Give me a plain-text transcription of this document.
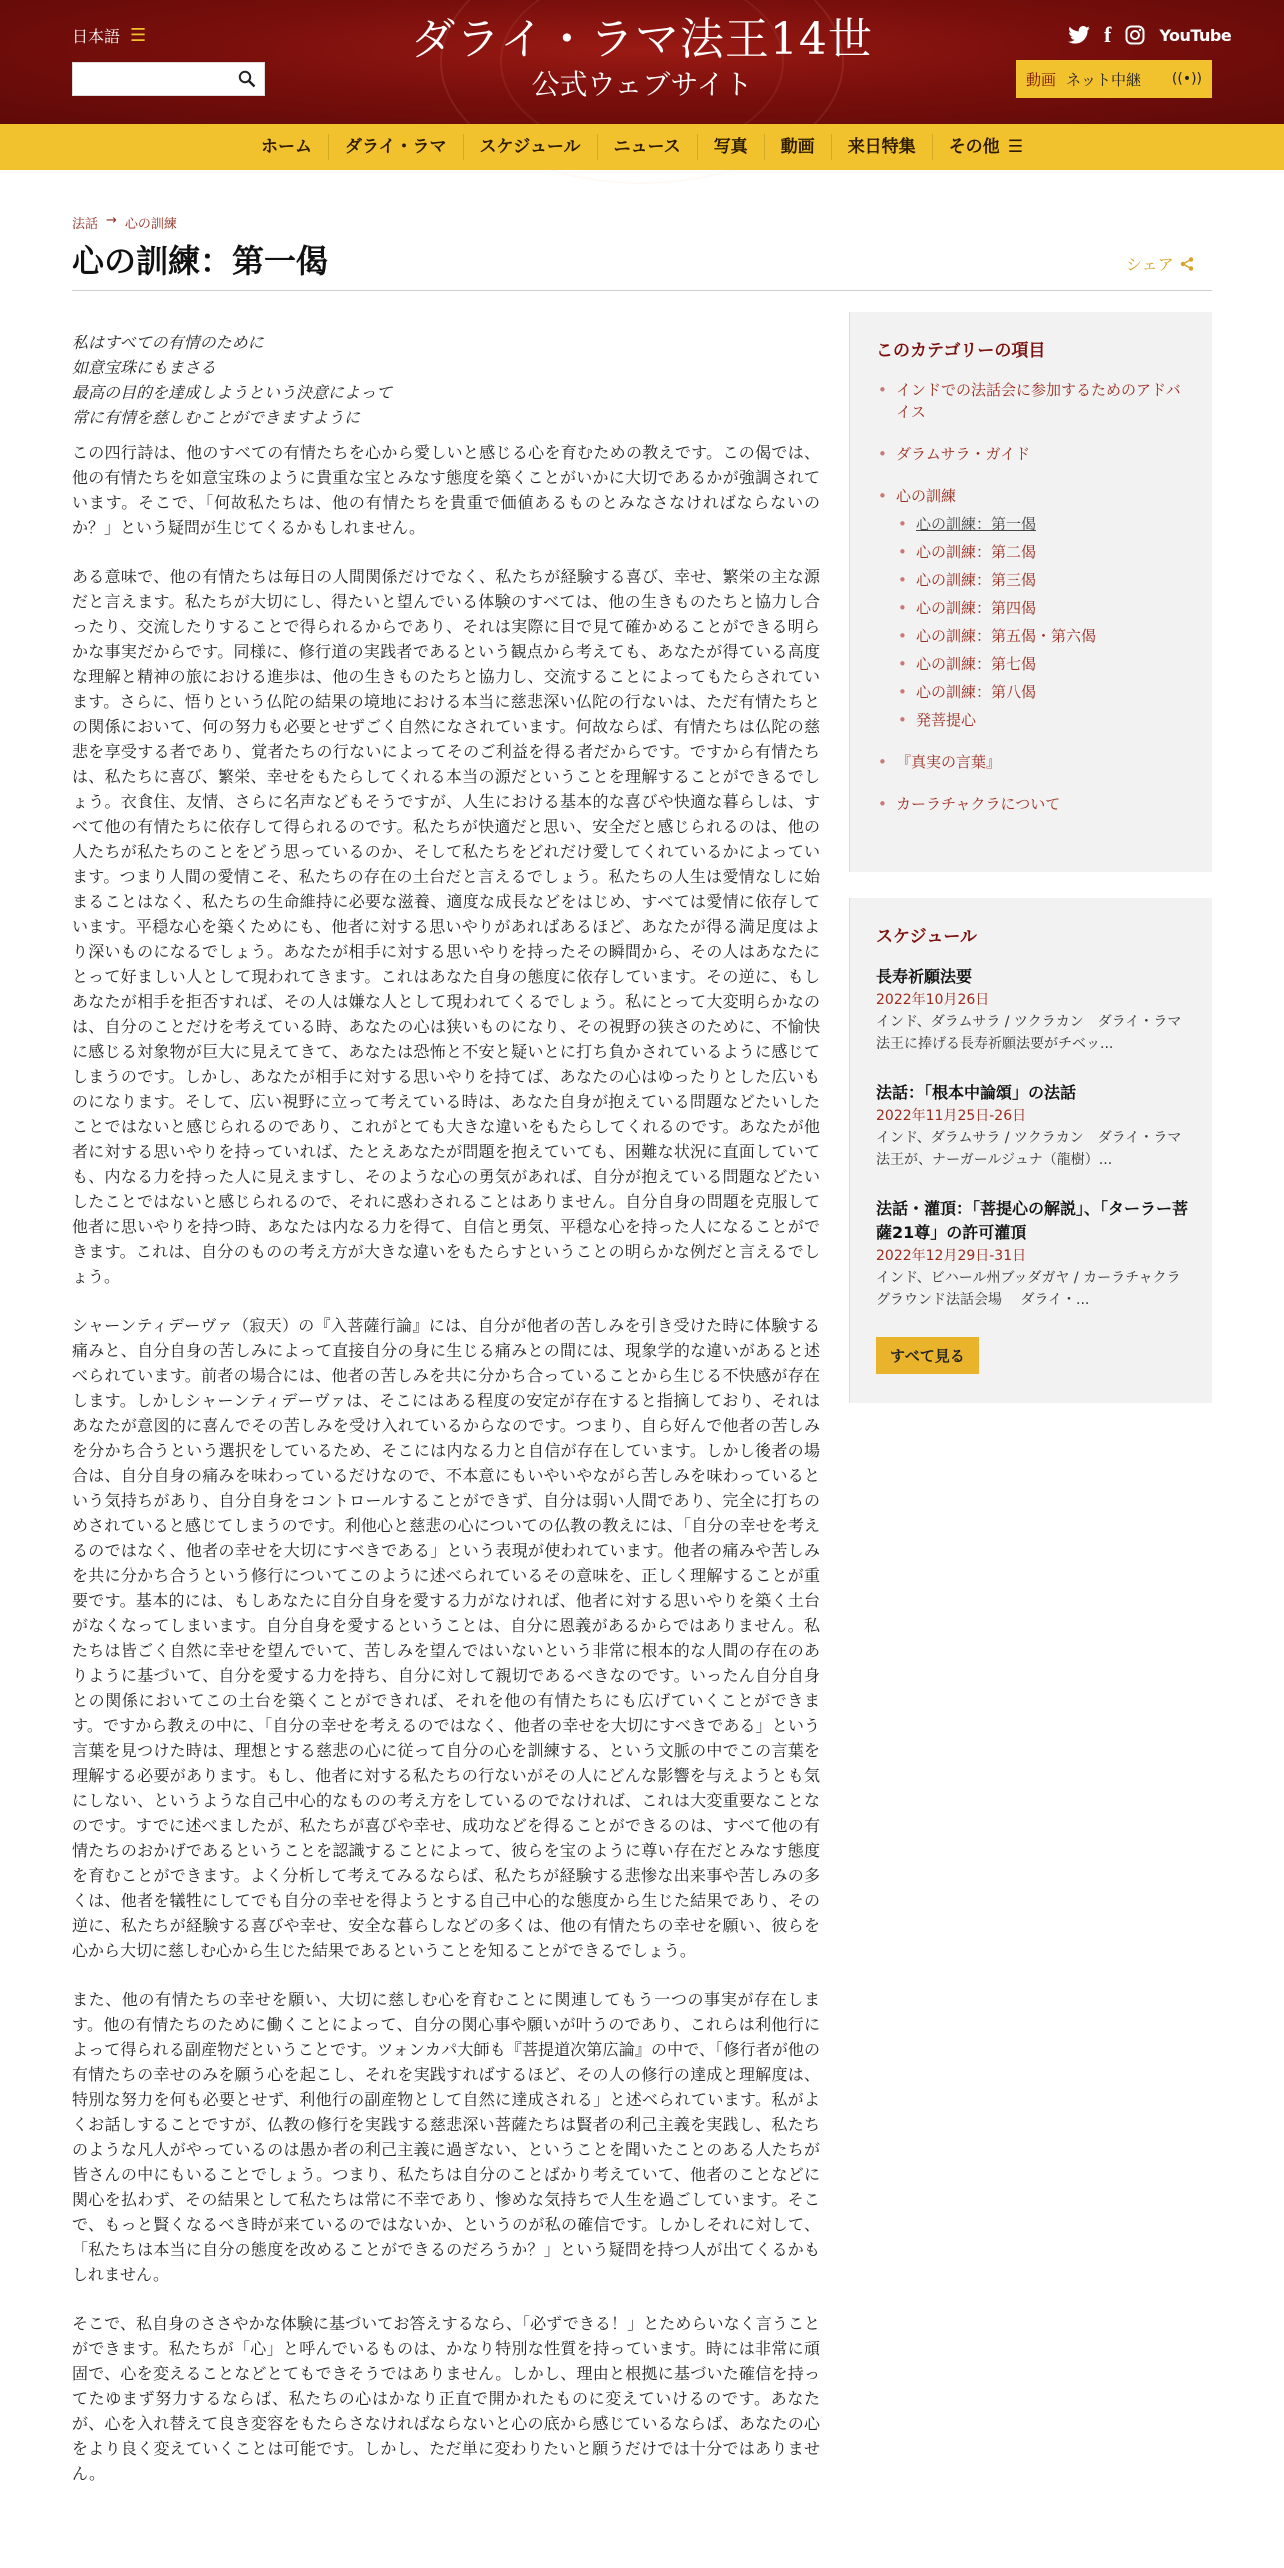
日本語 ☰	ダライ・ラマ法王14世
公式ウェブサイト
f	YouTube
動画 ネット中継 ((•))
ホーム	ダライ・ラマ	スケジュール	ニュース	写真	動画	来日特集	その他 ☰
法話 → 心の訓練
心の訓練：第一偈	シェア
私はすべての有情のために
如意宝珠にもまさる
最高の目的を達成しようという決意によって
常に有情を慈しむことができますように

この四行詩は、他のすべての有情たちを心から愛しいと感じる心を育むための教えです。この偈では、他の有情たちを如意宝珠のように貴重な宝とみなす態度を築くことがいかに大切であるかが強調されています。そこで、「何故私たちは、他の有情たちを貴重で価値あるものとみなさなければならないのか？」という疑問が生じてくるかもしれません。

ある意味で、他の有情たちは毎日の人間関係だけでなく、私たちが経験する喜び、幸せ、繁栄の主な源だと言えます。私たちが大切にし、得たいと望んでいる体験のすべては、他の生きものたちと協力し合ったり、交流したりすることで得られるからであり、それは実際に目で見て確かめることができる明らかな事実だからです。同様に、修行道の実践者であるという観点から考えても、あなたが得ている高度な理解と精神の旅における進歩は、他の生きものたちと協力し、交流することによってもたらされています。さらに、悟りという仏陀の結果の境地における本当に慈悲深い仏陀の行ないは、ただ有情たちとの関係において、何の努力も必要とせずごく自然になされています。何故ならば、有情たちは仏陀の慈悲を享受する者であり、覚者たちの行ないによってそのご利益を得る者だからです。ですから有情たちは、私たちに喜び、繁栄、幸せをもたらしてくれる本当の源だということを理解することができるでしょう。衣食住、友情、さらに名声などもそうですが、人生における基本的な喜びや快適な暮らしは、すべて他の有情たちに依存して得られるのです。私たちが快適だと思い、安全だと感じられるのは、他の人たちが私たちのことをどう思っているのか、そして私たちをどれだけ愛してくれているかによっています。つまり人間の愛情こそ、私たちの存在の土台だと言えるでしょう。私たちの人生は愛情なしに始まることはなく、私たちの生命維持に必要な滋養、適度な成長などをはじめ、すべては愛情に依存しています。平穏な心を築くためにも、他者に対する思いやりがあればあるほど、あなたが得る満足度はより深いものになるでしょう。あなたが相手に対する思いやりを持ったその瞬間から、その人はあなたにとって好ましい人として現われてきます。これはあなた自身の態度に依存しています。その逆に、もしあなたが相手を拒否すれば、その人は嫌な人として現われてくるでしょう。私にとって大変明らかなのは、自分のことだけを考えている時、あなたの心は狭いものになり、その視野の狭さのために、不愉快に感じる対象物が巨大に見えてきて、あなたは恐怖と不安と疑いとに打ち負かされているように感じてしまうのです。しかし、あなたが相手に対する思いやりを持てば、あなたの心はゆったりとした広いものになります。そして、広い視野に立って考えている時は、あなた自身が抱えている問題などたいしたことではないと感じられるのであり、これがとても大きな違いをもたらしてくれるのです。あなたが他者に対する思いやりを持っていれば、たとえあなたが問題を抱えていても、困難な状況に直面していても、内なる力を持った人に見えますし、そのような心の勇気があれば、自分が抱えている問題などたいしたことではないと感じられるので、それに惑わされることはありません。自分自身の問題を克服して他者に思いやりを持つ時、あなたは内なる力を得て、自信と勇気、平穏な心を持った人になることができます。これは、自分のものの考え方が大きな違いをもたらすということの明らかな例だと言えるでしょう。

シャーンティデーヴァ（寂天）の『入菩薩行論』には、自分が他者の苦しみを引き受けた時に体験する痛みと、自分自身の苦しみによって直接自分の身に生じる痛みとの間には、現象学的な違いがあると述べられています。前者の場合には、他者の苦しみを共に分かち合っていることから生じる不快感が存在します。しかしシャーンティデーヴァは、そこにはある程度の安定が存在すると指摘しており、それはあなたが意図的に喜んでその苦しみを受け入れているからなのです。つまり、自ら好んで他者の苦しみを分かち合うという選択をしているため、そこには内なる力と自信が存在しています。しかし後者の場合は、自分自身の痛みを味わっているだけなので、不本意にもいやいやながら苦しみを味わっているという気持ちがあり、自分自身をコントロールすることができず、自分は弱い人間であり、完全に打ちのめされていると感じてしまうのです。利他心と慈悲の心についての仏教の教えには、「自分の幸せを考えるのではなく、他者の幸せを大切にすべきである」という表現が使われています。他者の痛みや苦しみを共に分かち合うという修行についてこのように述べられているその意味を、正しく理解することが重要です。基本的には、もしあなたに自分自身を愛する力がなければ、他者に対する思いやりを築く土台がなくなってしまいます。自分自身を愛するということは、自分に恩義があるからではありません。私たちは皆ごく自然に幸せを望んでいて、苦しみを望んではいないという非常に根本的な人間の存在のありように基づいて、自分を愛する力を持ち、自分に対して親切であるべきなのです。いったん自分自身との関係においてこの土台を築くことができれば、それを他の有情たちにも広げていくことができます。ですから教えの中に、「自分の幸せを考えるのではなく、他者の幸せを大切にすべきである」という言葉を見つけた時は、理想とする慈悲の心に従って自分の心を訓練する、という文脈の中でこの言葉を理解する必要があります。もし、他者に対する私たちの行ないがその人にどんな影響を与えようとも気にしない、というような自己中心的なものの考え方をしているのでなければ、これは大変重要なことなのです。すでに述べましたが、私たちが喜びや幸せ、成功などを得ることができるのは、すべて他の有情たちのおかげであるということを認識することによって、彼らを宝のように尊い存在だとみなす態度を育むことができます。よく分析して考えてみるならば、私たちが経験する悲惨な出来事や苦しみの多くは、他者を犠牲にしてでも自分の幸せを得ようとする自己中心的な態度から生じた結果であり、その逆に、私たちが経験する喜びや幸せ、安全な暮らしなどの多くは、他の有情たちの幸せを願い、彼らを心から大切に慈しむ心から生じた結果であるということを知ることができるでしょう。

また、他の有情たちの幸せを願い、大切に慈しむ心を育むことに関連してもう一つの事実が存在します。他の有情たちのために働くことによって、自分の関心事や願いが叶うのであり、これらは利他行によって得られる副産物だということです。ツォンカパ大師も『菩提道次第広論』の中で、「修行者が他の有情たちの幸せのみを願う心を起こし、それを実践すればするほど、その人の修行の達成と理解度は、特別な努力を何も必要とせず、利他行の副産物として自然に達成される」と述べられています。私がよくお話しすることですが、仏教の修行を実践する慈悲深い菩薩たちは賢者の利己主義を実践し、私たちのような凡人がやっているのは愚か者の利己主義に過ぎない、ということを聞いたことのある人たちが皆さんの中にもいることでしょう。つまり、私たちは自分のことばかり考えていて、他者のことなどに関心を払わず、その結果として私たちは常に不幸であり、惨めな気持ちで人生を過ごしています。そこで、もっと賢くなるべき時が来ているのではないか、というのが私の確信です。しかしそれに対して、「私たちは本当に自分の態度を改めることができるのだろうか？」という疑問を持つ人が出てくるかもしれません。

そこで、私自身のささやかな体験に基づいてお答えするなら、「必ずできる！」とためらいなく言うことができます。私たちが「心」と呼んでいるものは、かなり特別な性質を持っています。時には非常に頑固で、心を変えることなどとてもできそうではありません。しかし、理由と根拠に基づいた確信を持ってたゆまず努力するならば、私たちの心はかなり正直で開かれたものに変えていけるのです。あなたが、心を入れ替えて良き変容をもたらさなければならないと心の底から感じているならば、あなたの心をより良く変えていくことは可能です。しかし、ただ単に変わりたいと願うだけでは十分ではありません。

このカテゴリーの項目
• インドでの法話会に参加するためのアドバイス
• ダラムサラ・ガイド
• 心の訓練
• 心の訓練：第一偈
• 心の訓練：第二偈
• 心の訓練：第三偈
• 心の訓練：第四偈
• 心の訓練：第五偈・第六偈
• 心の訓練：第七偈
• 心の訓練：第八偈
• 発菩提心
• 『真実の言葉』
• カーラチャクラについて
スケジュール
長寿祈願法要
2022年10月26日
インド、ダラムサラ / ツクラカン　ダライ・ラマ法王に捧げる長寿祈願法要がチベッ...
法話：「根本中論頌」の法話
2022年11月25日-26日
インド、ダラムサラ / ツクラカン　ダライ・ラマ法王が、ナーガールジュナ（龍樹）...
法話・灌頂：「菩提心の解説」、「ターラー菩薩21尊」の許可灌頂
2022年12月29日-31日
インド、ビハール州ブッダガヤ / カーラチャクラグラウンド法話会場　 ダライ・...
すべて見る
